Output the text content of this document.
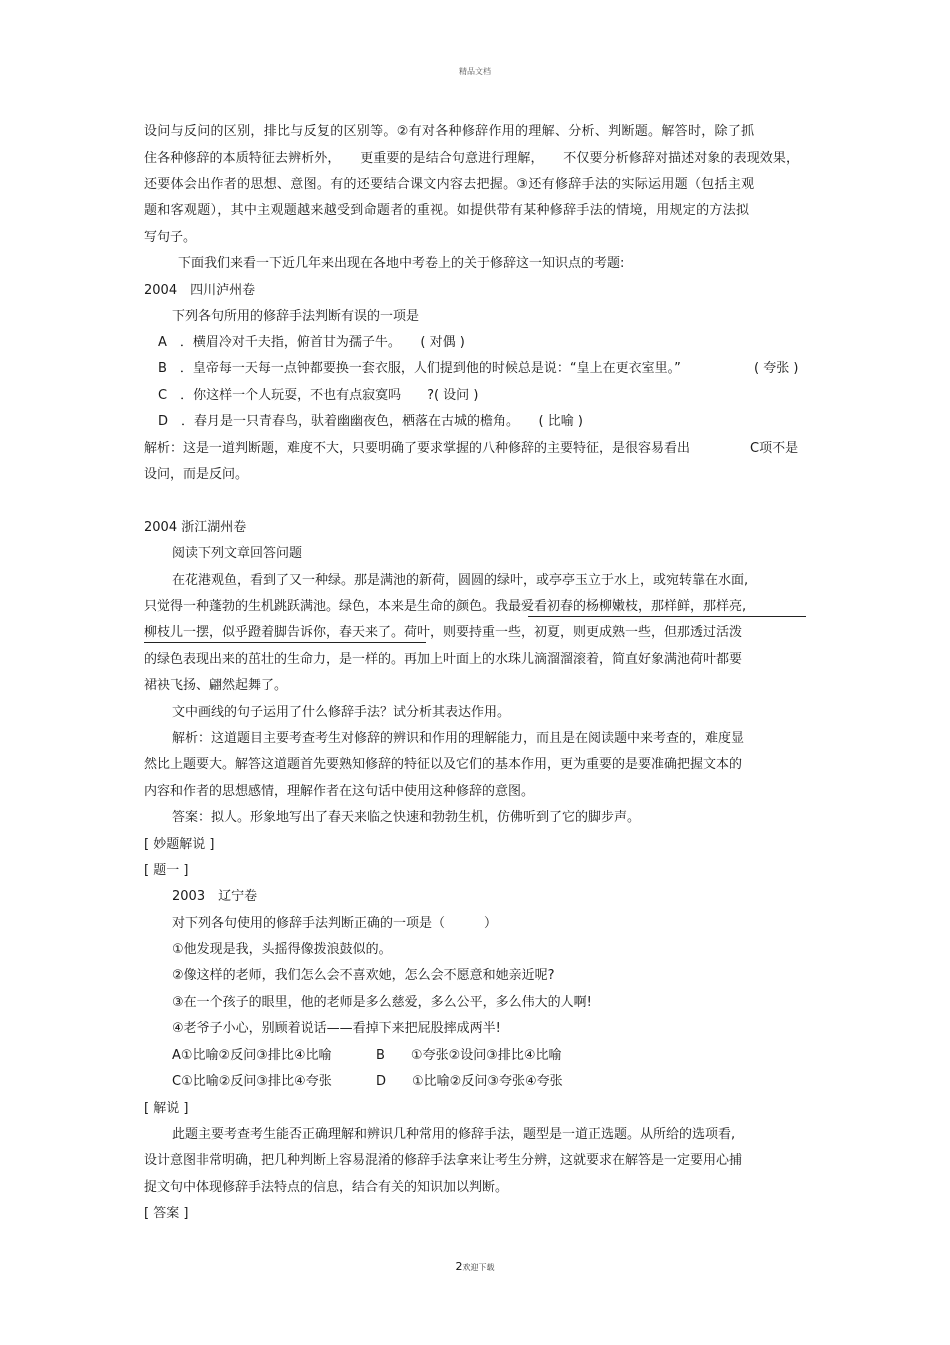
精品文档
设问与反问的区别，排比与反复的区别等。②有对各种修辞作用的理解、分析、判断题。解答时，除了抓
住各种修辞的本质特征去辨析外，　　更重要的是结合句意进行理解，　　不仅要分析修辞对描述对象的表现效果，
还要体会出作者的思想、意图。有的还要结合课文内容去把握。③还有修辞手法的实际运用题（包括主观
题和客观题），其中主观题越来越受到命题者的重视。如提供带有某种修辞手法的情境，用规定的方法拟
写句子。
下面我们来看一下近几年来出现在各地中考卷上的关于修辞这一知识点的考题:
2004　四川泸州卷
下列各句所用的修辞手法判断有误的一项是
A　．横眉冷对千夫指，俯首甘为孺子牛。　　( 对偶 )
B　．皇帝每一天每一点钟都要换一套衣服，人们提到他的时候总是说：“皇上在更衣室里。”	( 夸张 )
C　．你这样一个人玩耍，不也有点寂寞吗　　?( 设问 )
D　．春月是一只青春鸟，驮着幽幽夜色，栖落在古城的檐角。　　( 比喻 )
解析：这是一道判断题，难度不大，只要明确了要求掌握的八种修辞的主要特征，是很容易看出	C项不是
设问，而是反问。
2004 浙江湖州卷
阅读下列文章回答问题
在花港观鱼，看到了又一种绿。那是满池的新荷，圆圆的绿叶，或亭亭玉立于水上，或宛转靠在水面,
只觉得一种蓬勃的生机跳跃满池。绿色，本来是生命的颜色。我最爱看初春的杨柳嫩枝，那样鲜，那样亮,
柳枝儿一摆，似乎蹬着脚告诉你，春天来了。荷叶，则要持重一些，初夏，则更成熟一些，但那透过活泼
的绿色表现出来的茁壮的生命力，是一样的。再加上叶面上的水珠儿滴溜溜滚着，简直好象满池荷叶都要
裙袂飞扬、翩然起舞了。
文中画线的句子运用了什么修辞手法？试分析其表达作用。
解析：这道题目主要考查考生对修辞的辨识和作用的理解能力，而且是在阅读题中来考查的，难度显
然比上题要大。解答这道题首先要熟知修辞的特征以及它们的基本作用，更为重要的是要准确把握文本的
内容和作者的思想感情，理解作者在这句话中使用这种修辞的意图。
答案：拟人。形象地写出了春天来临之快速和勃勃生机，仿佛听到了它的脚步声。
[ 妙题解说 ]
[ 题一 ]
2003　辽宁卷
对下列各句使用的修辞手法判断正确的一项是（　　　）
①他发现是我，头摇得像拨浪鼓似的。
②像这样的老师，我们怎么会不喜欢她，怎么会不愿意和她亲近呢?
③在一个孩子的眼里，他的老师是多么慈爱，多么公平，多么伟大的人啊!
④老爷子小心，别顾着说话——看掉下来把屁股摔成两半!
A①比喻②反问③排比④比喻	B　　①夸张②设问③排比④比喻
C①比喻②反问③排比④夸张	D　　①比喻②反问③夸张④夸张
[ 解说 ]
此题主要考查考生能否正确理解和辨识几种常用的修辞手法，题型是一道正选题。从所给的选项看,
设计意图非常明确，把几种判断上容易混淆的修辞手法拿来让考生分辨，这就要求在解答是一定要用心捕
捉文句中体现修辞手法特点的信息，结合有关的知识加以判断。
[ 答案 ]
2欢迎下载
